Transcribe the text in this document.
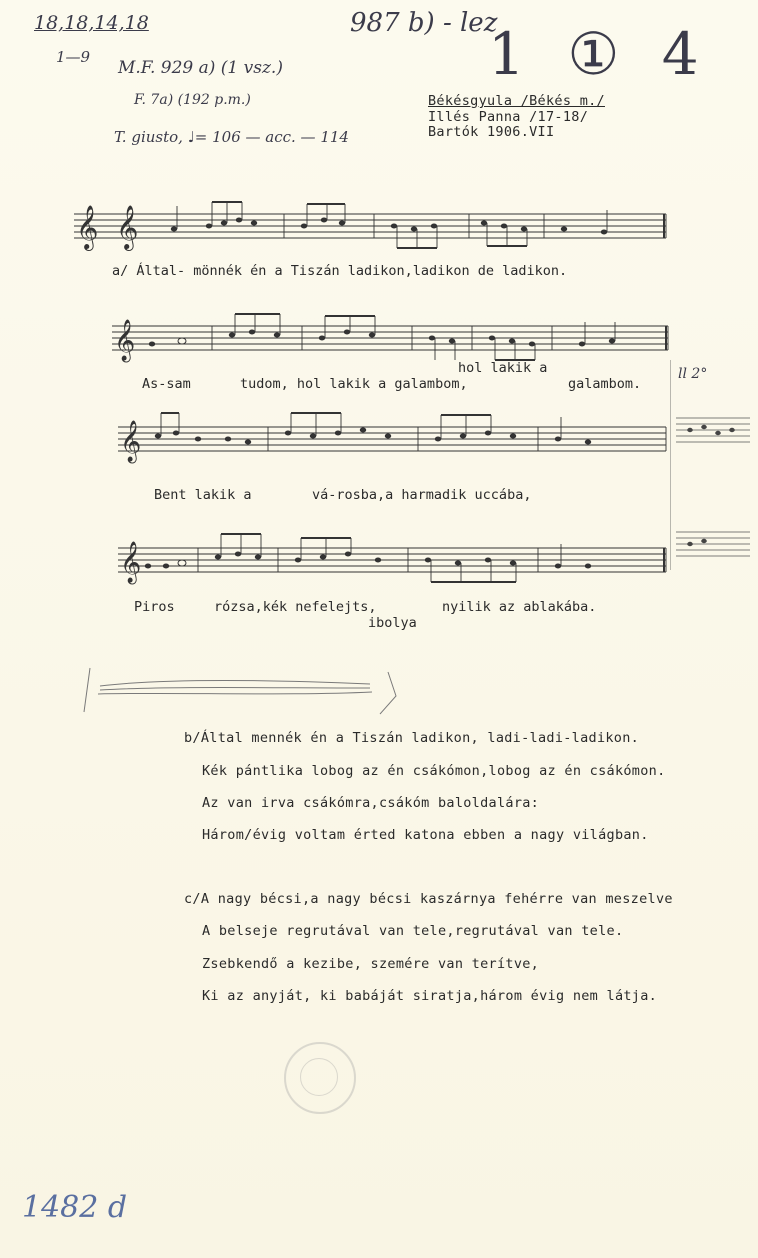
18,18,14,18
1—9
M.F. 929 a) (1 vsz.)
F. 7a) (192 p.m.)
T. giusto, ♩= 106 — acc. — 114
987 b) - lez
1 ① 4
Békésgyula /Békés m./
Illés Panna /17-18/
Bartók 1906.VII
𝄞 𝄞
a/ Által- mönnék én a Tiszán ladikon,ladikon de ladikon.
𝄞
hol lakik a
As-sam	tudom, hol lakik a galambom,	galambom.
𝄞
Bent lakik a	vá-rosba,a harmadik uccába,
ll 2°
𝄞
Piros	rózsa,kék nefelejts,	nyilik az ablakába.
ibolya
b/Által mennék én a Tiszán ladikon, ladi-ladi-ladikon.
Kék pántlika lobog az én csákómon,lobog az én csákómon.
Az van irva csákómra,csákóm baloldalára:
Három/évig voltam érted katona ebben a nagy világban.
c/A nagy bécsi,a nagy bécsi kaszárnya fehérre van meszelve
A belseje regrutával van tele,regrutával van tele.
Zsebkendő a kezibe, szemére van terítve,
Ki az anyját, ki babáját siratja,három évig nem látja.
1482 d
